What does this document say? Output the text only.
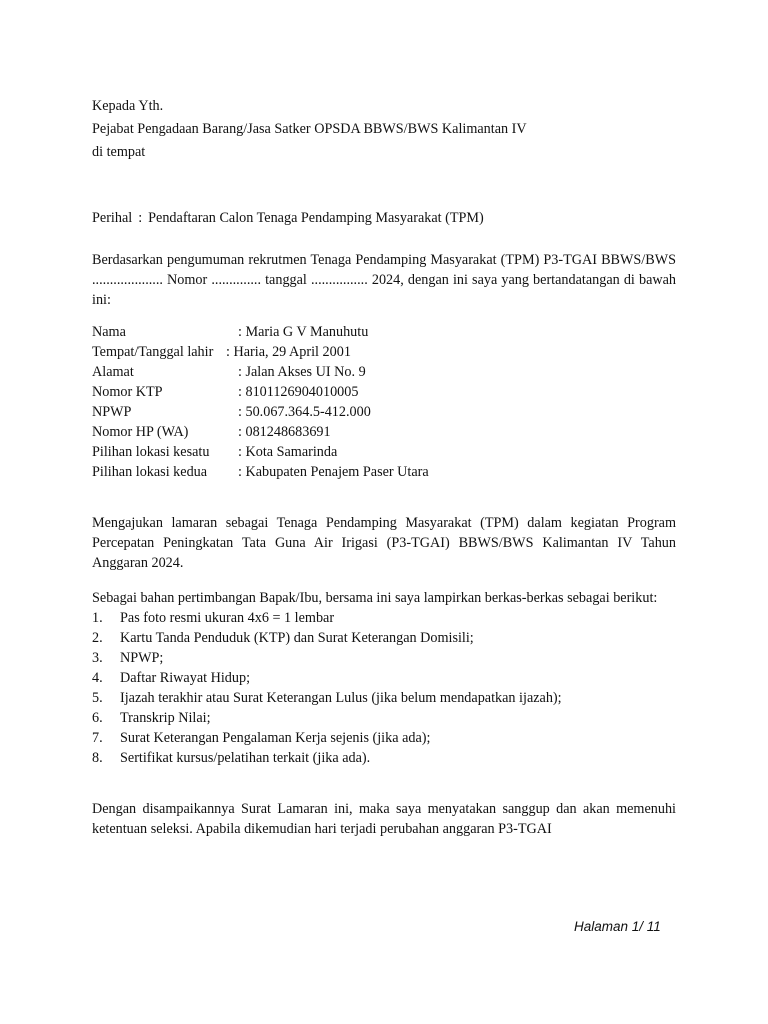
Kepada Yth.
Pejabat Pengadaan Barang/Jasa Satker OPSDA BBWS/BWS Kalimantan IV
di tempat
Perihal : Pendaftaran Calon Tenaga Pendamping Masyarakat (TPM)
Berdasarkan pengumuman rekrutmen Tenaga Pendamping Masyarakat (TPM) P3-TGAI BBWS/BWS .................... Nomor .............. tanggal ................ 2024, dengan ini saya yang bertandatangan di bawah ini:
Nama	: Maria G V Manuhutu
Tempat/Tanggal lahir : Haria, 29 April 2001
Alamat	: Jalan Akses UI No. 9
Nomor KTP	: 8101126904010005
NPWP	: 50.067.364.5-412.000
Nomor HP (WA)	: 081248683691
Pilihan lokasi kesatu : Kota Samarinda
Pilihan lokasi kedua : Kabupaten Penajem Paser Utara
Mengajukan lamaran sebagai Tenaga Pendamping Masyarakat (TPM) dalam kegiatan Program Percepatan Peningkatan Tata Guna Air Irigasi (P3-TGAI) BBWS/BWS Kalimantan IV Tahun Anggaran 2024.
Sebagai bahan pertimbangan Bapak/Ibu, bersama ini saya lampirkan berkas-berkas sebagai berikut:
1. Pas foto resmi ukuran 4x6 = 1 lembar
2. Kartu Tanda Penduduk (KTP) dan Surat Keterangan Domisili;
3. NPWP;
4. Daftar Riwayat Hidup;
5. Ijazah terakhir atau Surat Keterangan Lulus (jika belum mendapatkan ijazah);
6. Transkrip Nilai;
7. Surat Keterangan Pengalaman Kerja sejenis (jika ada);
8. Sertifikat kursus/pelatihan terkait (jika ada).
Dengan disampaikannya Surat Lamaran ini, maka saya menyatakan sanggup dan akan memenuhi ketentuan seleksi. Apabila dikemudian hari terjadi perubahan anggaran P3-TGAI
Halaman 1/ 11
